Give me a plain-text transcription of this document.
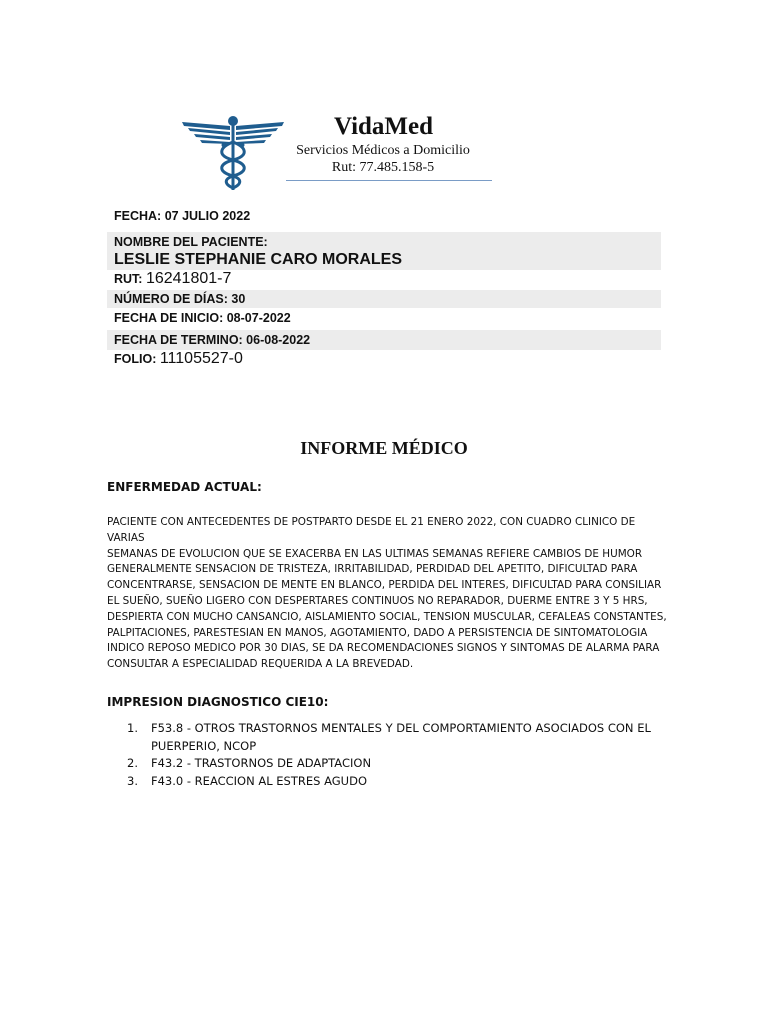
VidaMed
Servicios Médicos a Domicilio
Rut: 77.485.158-5
FECHA: 07 JULIO 2022
NOMBRE DEL PACIENTE:
LESLIE STEPHANIE CARO MORALES
RUT: 16241801-7
NÚMERO DE DÍAS: 30
FECHA DE INICIO: 08-07-2022
FECHA DE TERMINO: 06-08-2022
FOLIO: 11105527-0
INFORME MÉDICO
ENFERMEDAD ACTUAL:
PACIENTE CON ANTECEDENTES DE POSTPARTO DESDE EL 21 ENERO 2022, CON CUADRO CLINICO DE VARIAS
SEMANAS DE EVOLUCION QUE SE EXACERBA EN LAS ULTIMAS SEMANAS REFIERE CAMBIOS DE HUMOR
GENERALMENTE SENSACION DE TRISTEZA, IRRITABILIDAD, PERDIDAD DEL APETITO, DIFICULTAD PARA
CONCENTRARSE, SENSACION DE MENTE EN BLANCO, PERDIDA DEL INTERES, DIFICULTAD PARA CONSILIAR
EL SUEÑO, SUEÑO LIGERO CON DESPERTARES CONTINUOS NO REPARADOR, DUERME ENTRE 3 Y 5 HRS,
DESPIERTA CON MUCHO CANSANCIO, AISLAMIENTO SOCIAL, TENSION MUSCULAR, CEFALEAS CONSTANTES,
PALPITACIONES, PARESTESIAN EN MANOS, AGOTAMIENTO, DADO A PERSISTENCIA DE SINTOMATOLOGIA
INDICO REPOSO MEDICO POR 30 DIAS, SE DA RECOMENDACIONES SIGNOS Y SINTOMAS DE ALARMA PARA
CONSULTAR A ESPECIALIDAD REQUERIDA A LA BREVEDAD.
IMPRESION DIAGNOSTICO CIE10:
1. F53.8 - OTROS TRASTORNOS MENTALES Y DEL COMPORTAMIENTO ASOCIADOS CON EL
PUERPERIO, NCOP
2. F43.2 - TRASTORNOS DE ADAPTACION
3. F43.0 - REACCION AL ESTRES AGUDO
